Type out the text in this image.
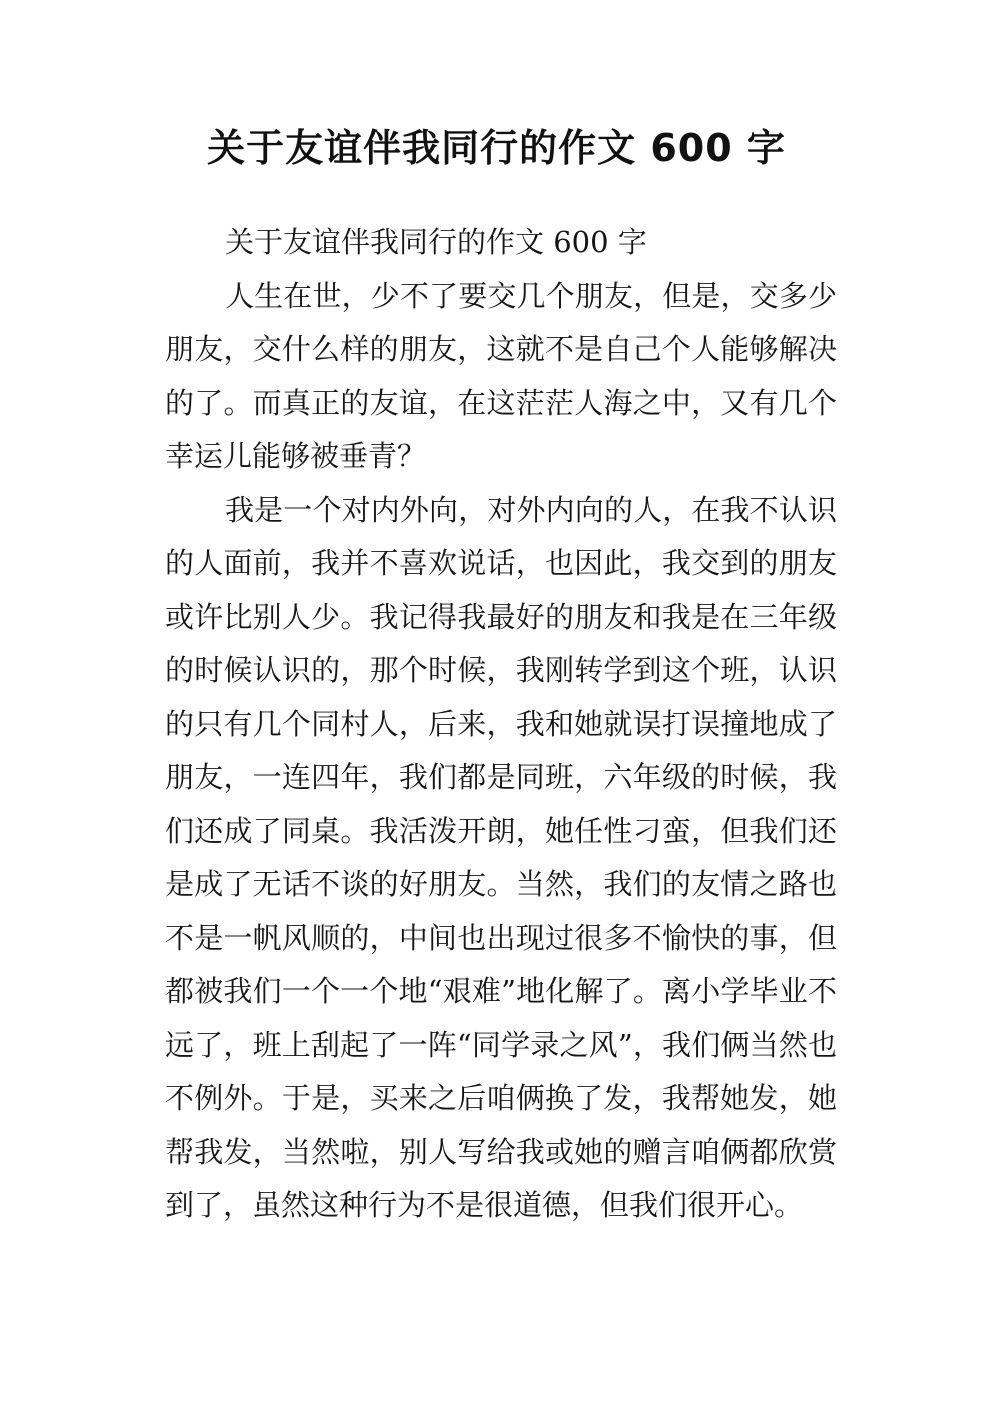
关于友谊伴我同行的作文 600 字

关于友谊伴我同行的作文 600 字

人生在世，少不了要交几个朋友，但是，交多少朋友，交什么样的朋友，这就不是自己个人能够解决的了。而真正的友谊，在这茫茫人海之中，又有几个幸运儿能够被垂青？

我是一个对内外向，对外内向的人，在我不认识的人面前，我并不喜欢说话，也因此，我交到的朋友或许比别人少。我记得我最好的朋友和我是在三年级的时候认识的，那个时候，我刚转学到这个班，认识的只有几个同村人，后来，我和她就误打误撞地成了朋友，一连四年，我们都是同班，六年级的时候，我们还成了同桌。我活泼开朗，她任性刁蛮，但我们还是成了无话不谈的好朋友。当然，我们的友情之路也不是一帆风顺的，中间也出现过很多不愉快的事，但都被我们一个一个地“艰难”地化解了。离小学毕业不远了，班上刮起了一阵“同学录之风”，我们俩当然也不例外。于是，买来之后咱俩换了发，我帮她发，她帮我发，当然啦，别人写给我或她的赠言咱俩都欣赏到了，虽然这种行为不是很道德，但我们很开心。
